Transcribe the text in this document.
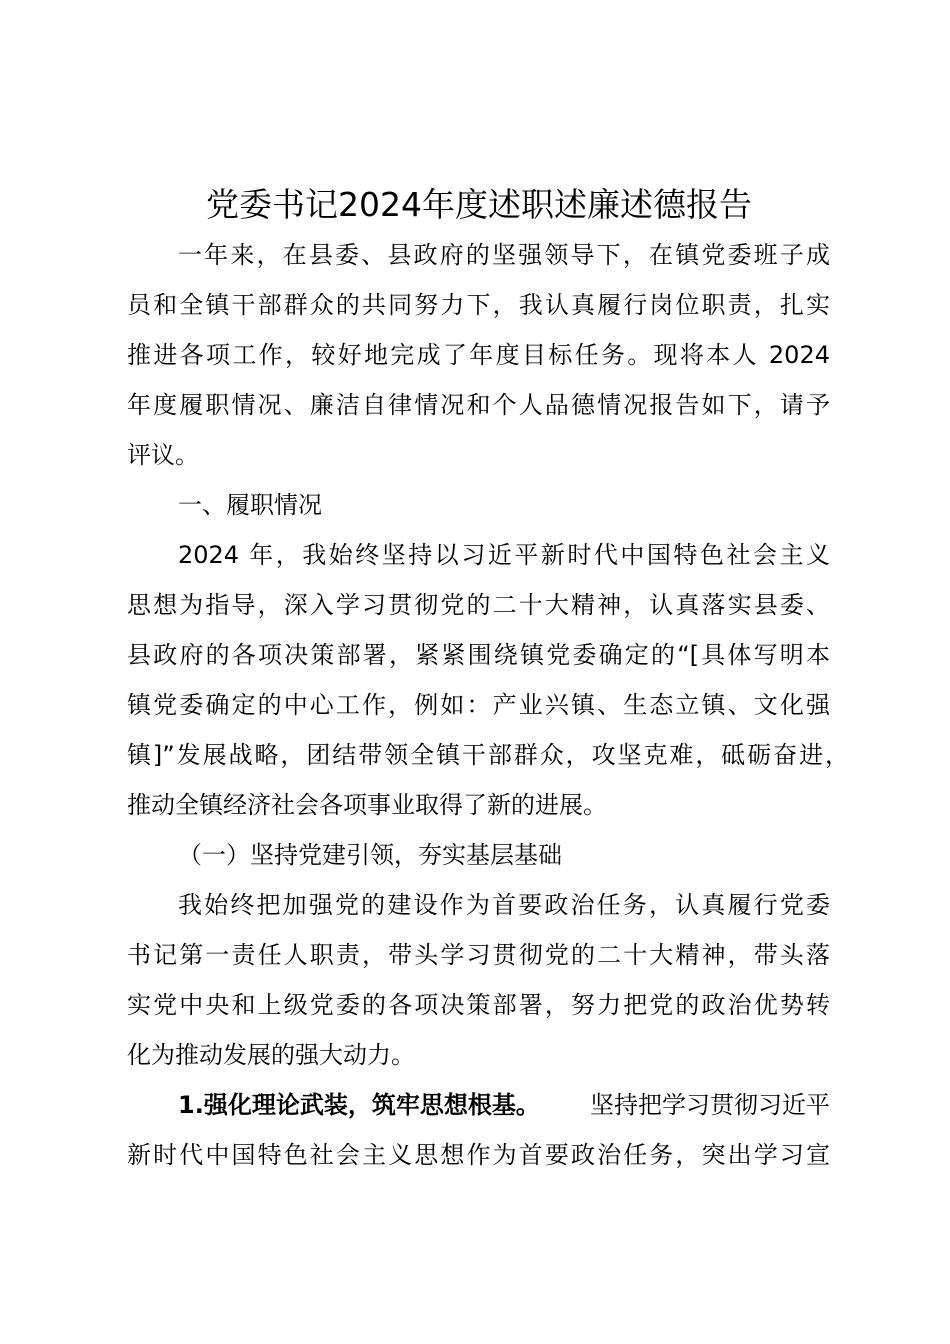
党委书记2024年度述职述廉述德报告

一年来，在县委、县政府的坚强领导下，在镇党委班子成

员和全镇干部群众的共同努力下，我认真履行岗位职责，扎实

推进各项工作，较好地完成了年度目标任务。现将本人 2024

年度履职情况、廉洁自律情况和个人品德情况报告如下，请予

评议。

一、履职情况

2024 年，我始终坚持以习近平新时代中国特色社会主义

思想为指导，深入学习贯彻党的二十大精神，认真落实县委、

县政府的各项决策部署，紧紧围绕镇党委确定的“[具体写明本

镇党委确定的中心工作，例如：产业兴镇、生态立镇、文化强

镇]”发展战略，团结带领全镇干部群众，攻坚克难，砥砺奋进，

推动全镇经济社会各项事业取得了新的进展。

（一）坚持党建引领，夯实基层基础

我始终把加强党的建设作为首要政治任务，认真履行党委

书记第一责任人职责，带头学习贯彻党的二十大精神，带头落

实党中央和上级党委的各项决策部署，努力把党的政治优势转

化为推动发展的强大动力。

1.强化理论武装，筑牢思想根基。 坚持把学习贯彻习近平

新时代中国特色社会主义思想作为首要政治任务，突出学习宣
